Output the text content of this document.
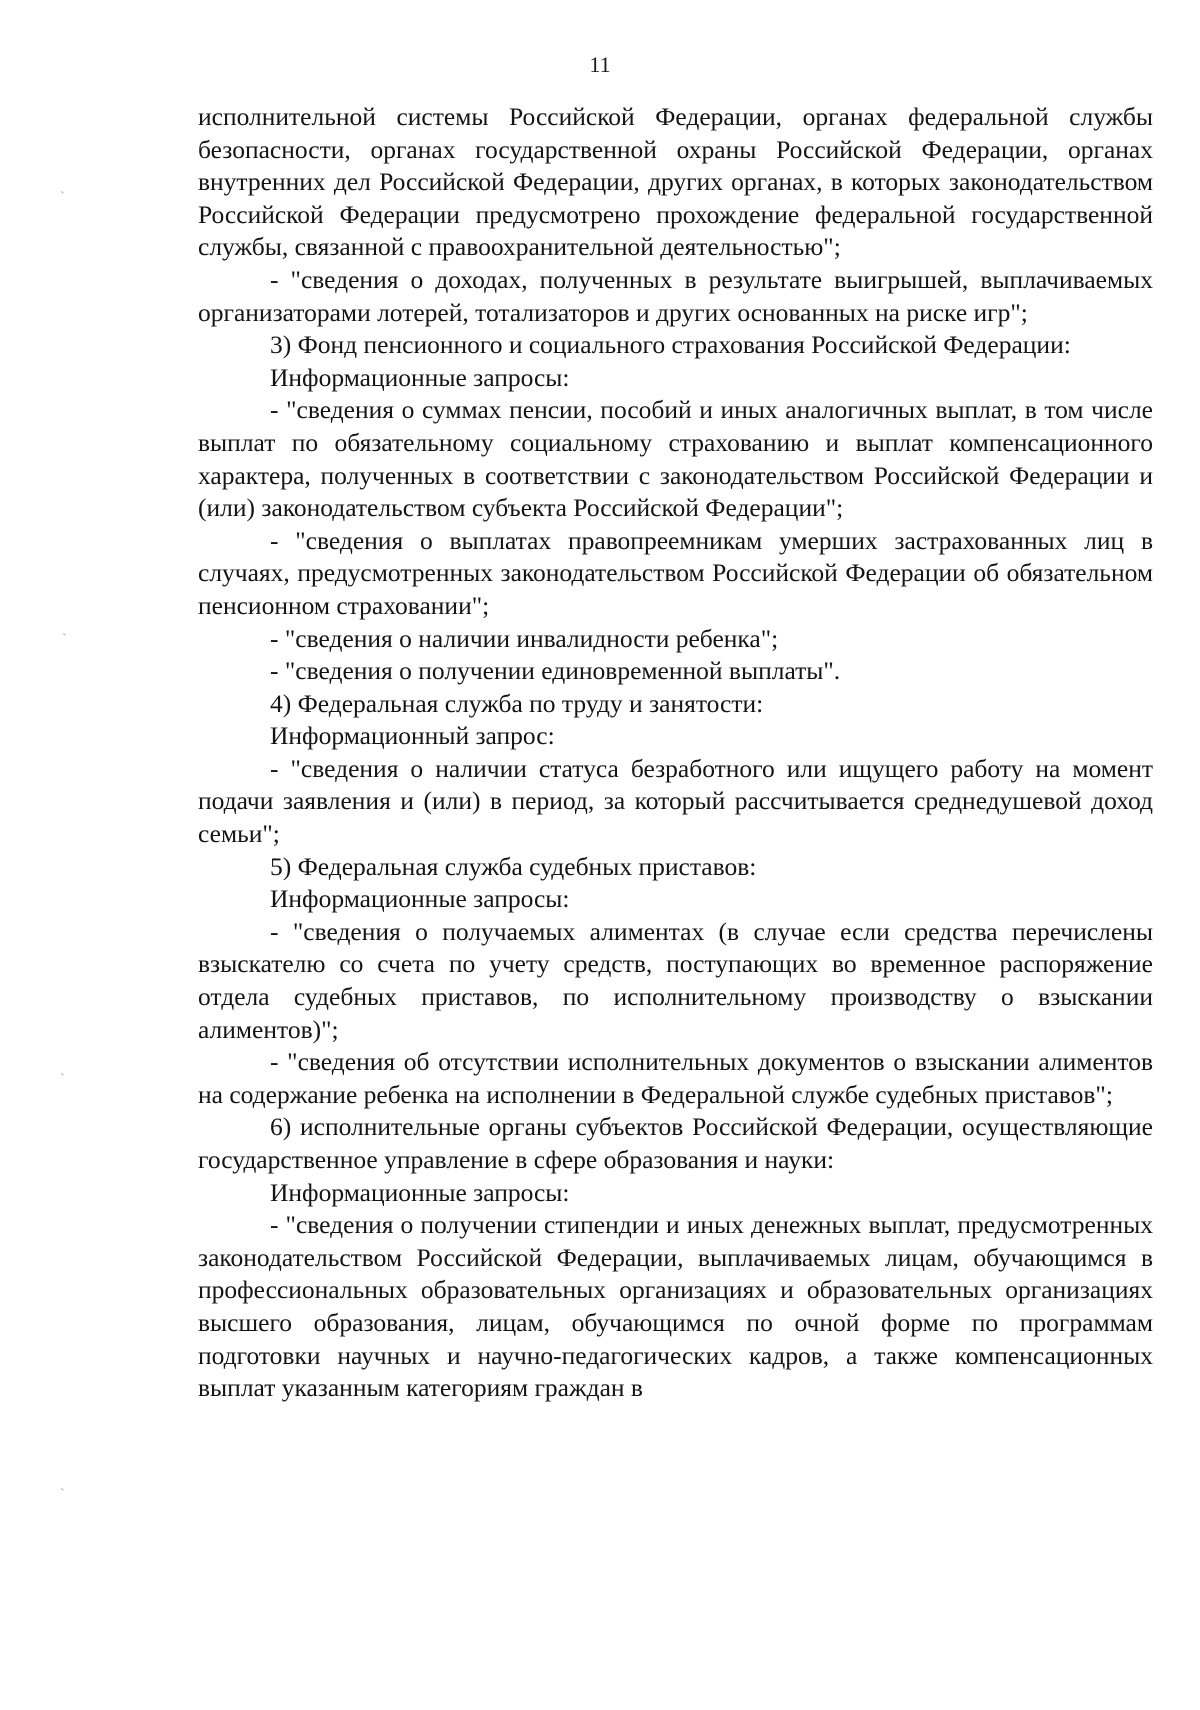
11

исполнительной системы Российской Федерации, органах федеральной службы безопасности, органах государственной охраны Российской Федерации, органах внутренних дел Российской Федерации, других органах, в которых законодательством Российской Федерации предусмотрено прохождение федеральной государственной службы, связанной с правоохранительной деятельностью";

- "сведения о доходах, полученных в результате выигрышей, выплачиваемых организаторами лотерей, тотализаторов и других основанных на риске игр";

3) Фонд пенсионного и социального страхования Российской Федерации:

Информационные запросы:

- "сведения о суммах пенсии, пособий и иных аналогичных выплат, в том числе выплат по обязательному социальному страхованию и выплат компенсационного характера, полученных в соответствии с законодательством Российской Федерации и (или) законодательством субъекта Российской Федерации";

- "сведения о выплатах правопреемникам умерших застрахованных лиц в случаях, предусмотренных законодательством Российской Федерации об обязательном пенсионном страховании";

- "сведения о наличии инвалидности ребенка";

- "сведения о получении единовременной выплаты".

4) Федеральная служба по труду и занятости:

Информационный запрос:

- "сведения о наличии статуса безработного или ищущего работу на момент подачи заявления и (или) в период, за который рассчитывается среднедушевой доход семьи";

5) Федеральная служба судебных приставов:

Информационные запросы:

- "сведения о получаемых алиментах (в случае если средства перечислены взыскателю со счета по учету средств, поступающих во временное распоряжение отдела судебных приставов, по исполнительному производству о взыскании алиментов)";

- "сведения об отсутствии исполнительных документов о взыскании алиментов на содержание ребенка на исполнении в Федеральной службе судебных приставов";

6) исполнительные органы субъектов Российской Федерации, осуществляющие государственное управление в сфере образования и науки:

Информационные запросы:

- "сведения о получении стипендии и иных денежных выплат, предусмотренных законодательством Российской Федерации, выплачиваемых лицам, обучающимся в профессиональных образовательных организациях и образовательных организациях высшего образования, лицам, обучающимся по очной форме по программам подготовки научных и научно-педагогических кадров, а также компенсационных выплат указанным категориям граждан в

ˋ
ˋ
ˋ
ˋ
